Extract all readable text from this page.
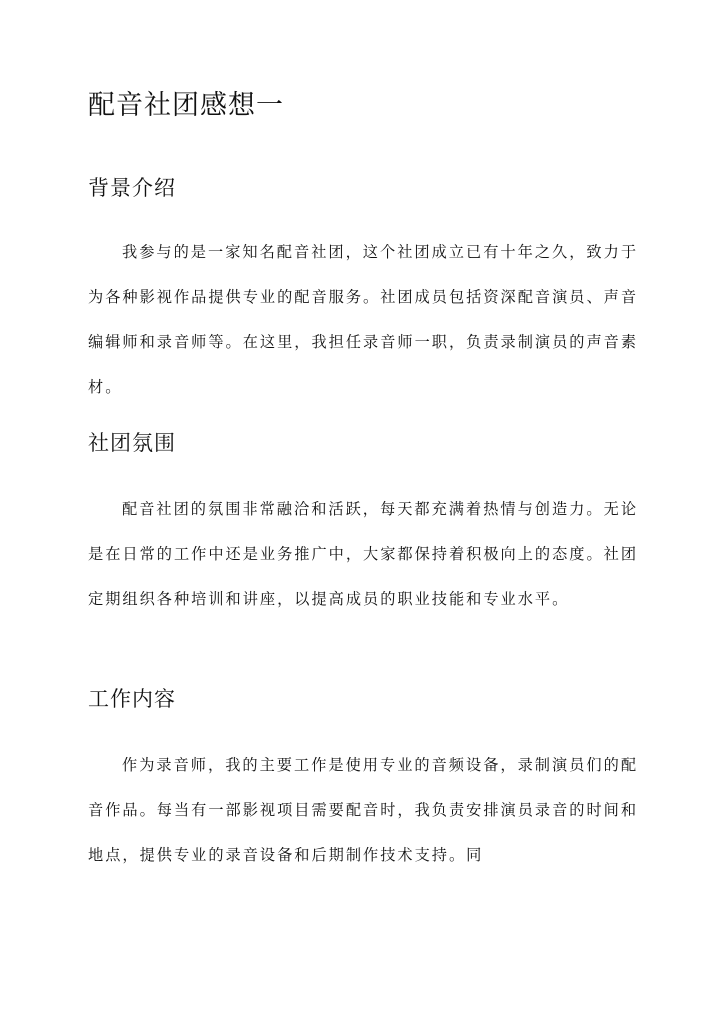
配音社团感想一
背景介绍

我参与的是一家知名配音社团，这个社团成立已有十年之久，致力于为各种影视作品提供专业的配音服务。社团成员包括资深配音演员、声音编辑师和录音师等。在这里，我担任录音师一职，负责录制演员的声音素材。

社团氛围

配音社团的氛围非常融洽和活跃，每天都充满着热情与创造力。无论是在日常的工作中还是业务推广中，大家都保持着积极向上的态度。社团定期组织各种培训和讲座，以提高成员的职业技能和专业水平。

工作内容

作为录音师，我的主要工作是使用专业的音频设备，录制演员们的配音作品。每当有一部影视项目需要配音时，我负责安排演员录音的时间和地点，提供专业的录音设备和后期制作技术支持。同
